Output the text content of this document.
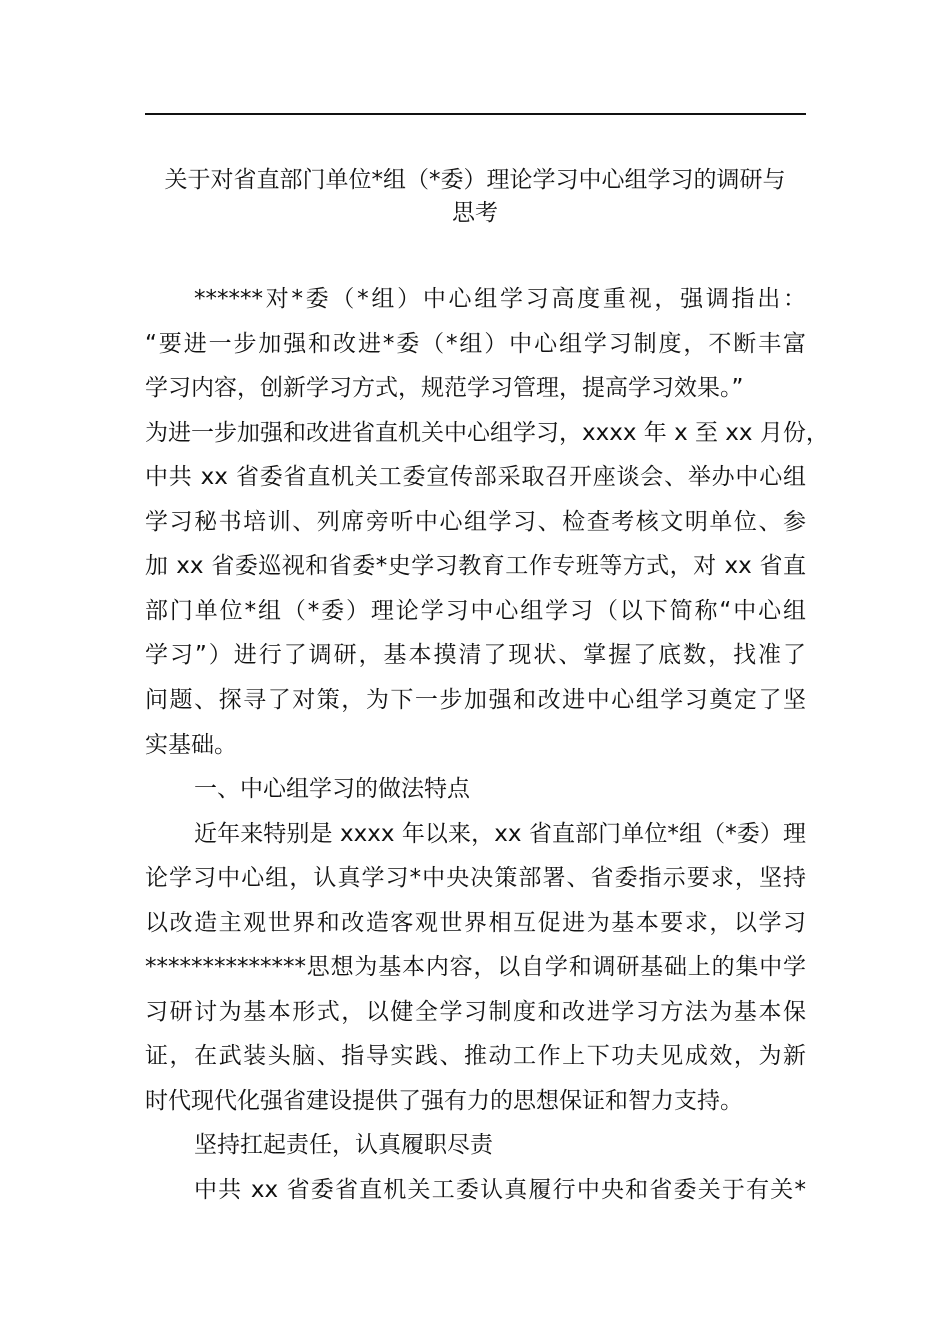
关于对省直部门单位*组（*委）理论学习中心组学习的调研与
思考
******对*委（*组）中心组学习高度重视，强调指出：
“要进一步加强和改进*委（*组）中心组学习制度，不断丰富
学习内容，创新学习方式，规范学习管理，提高学习效果。”
为进一步加强和改进省直机关中心组学习，xxxx 年 x 至 xx 月份，
中共 xx 省委省直机关工委宣传部采取召开座谈会、举办中心组
学习秘书培训、列席旁听中心组学习、检查考核文明单位、参
加 xx 省委巡视和省委*史学习教育工作专班等方式，对 xx 省直
部门单位*组（*委）理论学习中心组学习（以下简称“中心组
学习”）进行了调研，基本摸清了现状、掌握了底数，找准了
问题、探寻了对策，为下一步加强和改进中心组学习奠定了坚
实基础。
一、中心组学习的做法特点
近年来特别是 xxxx 年以来，xx 省直部门单位*组（*委）理
论学习中心组，认真学习*中央决策部署、省委指示要求，坚持
以改造主观世界和改造客观世界相互促进为基本要求，以学习
**************思想为基本内容，以自学和调研基础上的集中学
习研讨为基本形式，以健全学习制度和改进学习方法为基本保
证，在武装头脑、指导实践、推动工作上下功夫见成效，为新
时代现代化强省建设提供了强有力的思想保证和智力支持。
坚持扛起责任，认真履职尽责
中共 xx 省委省直机关工委认真履行中央和省委关于有关*
